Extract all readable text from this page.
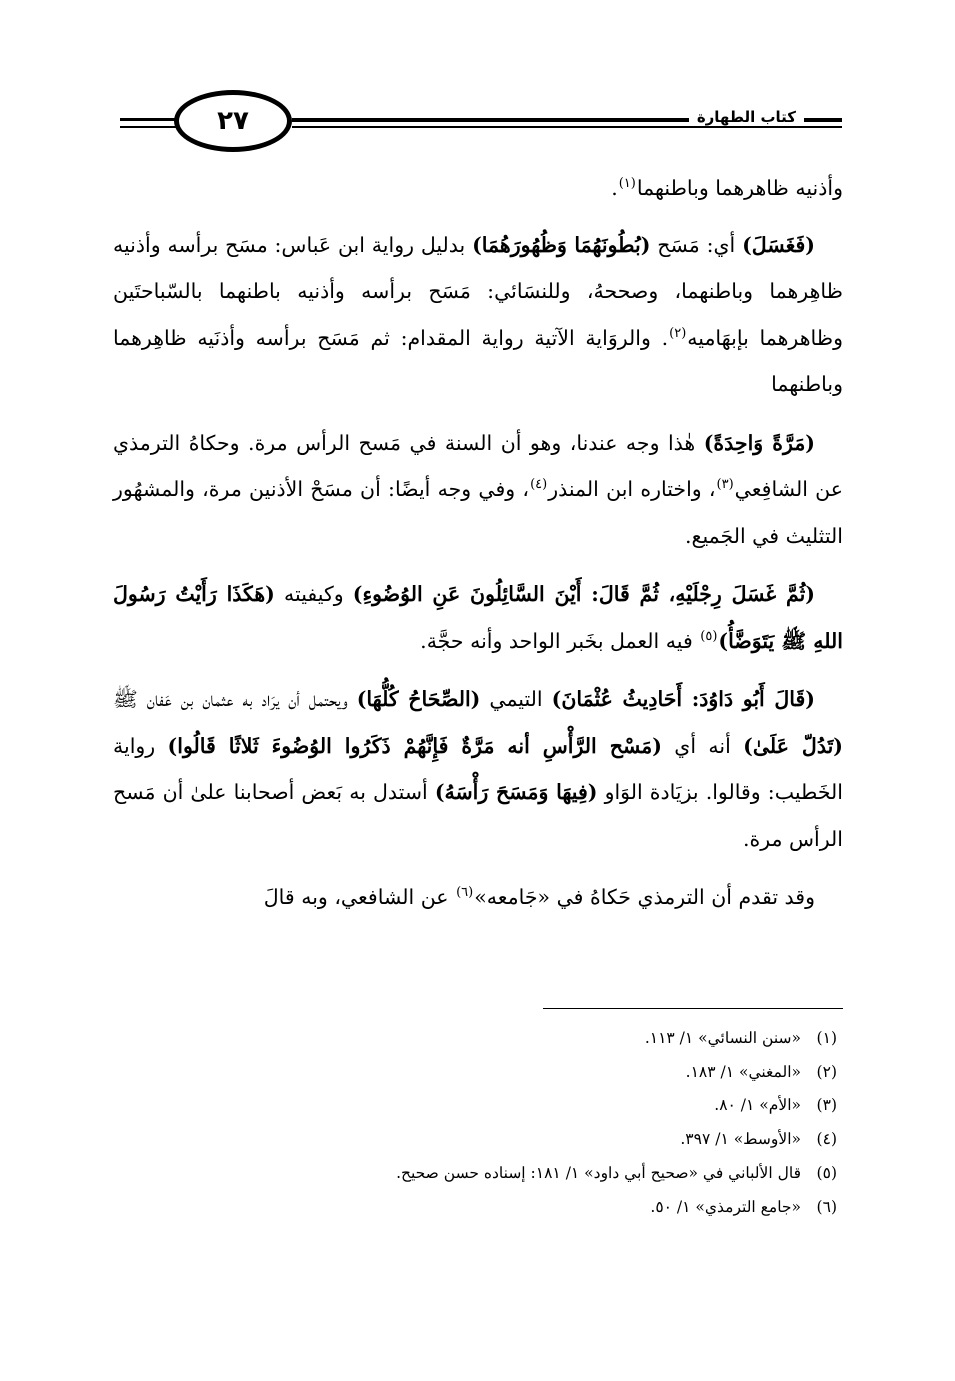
٢٧	كتاب الطهارة

وأذنيه ظاهرهما وباطنهما$^{(١)}$.

(فَغَسَلَ) أي: مَسَح (بُطُونَهُمَا وَظُهُورَهُمَا) بدليل رواية ابن عَباس: مسَح برأسه وأذنيه ظاهِرهما وباطنهما، وصححهُ، وللنسَائي: مَسَح برأسه وأذنيه باطنهما بالسّباحتَين وظاهرهما بإبهَاميه$^{(٢)}$. والروَاية الآتية رواية المقدام: ثم مَسَح برأسه وأذنَيه ظاهِرهما وباطنهما

(مَرَّةً وَاحِدَةً) هٰذا وجه عندنا، وهو أن السنة في مَسح الرأس مرة. وحكاهُ الترمذي عن الشافِعي$^{(٣)}$، واختاره ابن المنذر$^{(٤)}$، وفي وجه أيضًا: أن مسَحْ الأذنين مرة، والمشهُور التثليث في الجَميع.

(ثُمَّ غَسَلَ رِجْلَيْهِ، ثُمَّ قَالَ: أَيْنَ السَّائِلُونَ عَنِ الوُضُوءِ) وكيفيته (هَكَذَا رَأَيْتُ رَسُولَ اللهِ ﷺ يَتَوَضَّأُ)$^{(٥)}$ فيه العمل بخَبر الواحد وأنه حجَّة.

(قَالَ أَبُو دَاوُدَ: أَحَادِيثُ عُثْمَانَ) التيمي (الصِّحَاحُ كُلُّهَا) ويحتمل أن يرَاد به عثمان بن عَفان ﷺ (تَدُلّ عَلَىٰ) أنه أي (مَسْح الرَّأْسِ أنه مَرَّةٌ فَإِنَّهُمْ ذَكَرُوا الوُضُوءَ ثَلاثًا قَالُوا) رواية الخَطيب: وقالوا. بزيَادة الوَاو (فِيهَا وَمَسَحَ رَأْسَهُ) أستدل به بَعض أصحابنا علىٰ أن مَسح الرأس مرة.

وقد تقدم أن الترمذي حَكاهُ في «جَامعه»$^{(٦)}$ عن الشافعي، وبه قالَ

(١)«سنن النسائي» ١/ ١١٣.
(٢)«المغني» ١/ ١٨٣.
(٣)«الأم» ١/ ٨٠.
(٤)«الأوسط» ١/ ٣٩٧.
(٥)قال الألباني في «صحيح أبي داود» ١/ ١٨١: إسناده حسن صحيح.
(٦)«جامع الترمذي» ١/ ٥٠.
